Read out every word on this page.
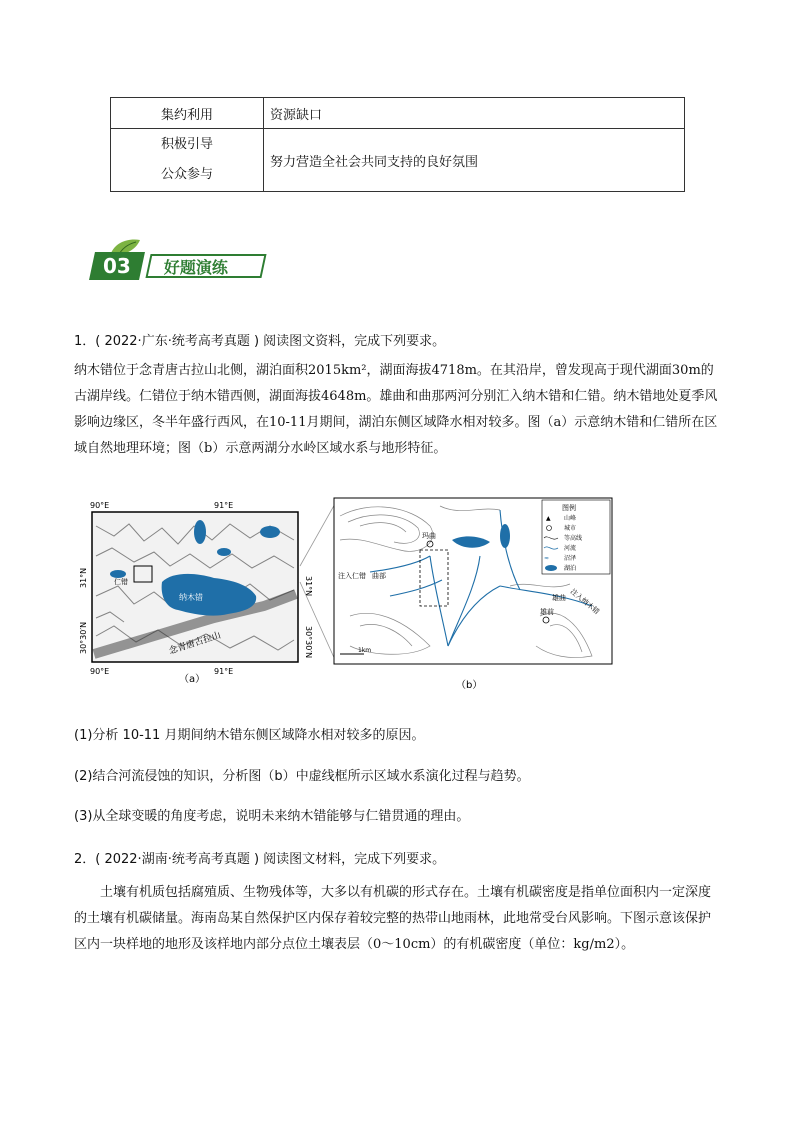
集约利用	资源缺口

积极引导
公众参与	努力营造全社会共同支持的良好氛围
03 好题演练
1．( 2022·广东·统考高考真题 ) 阅读图文资料，完成下列要求。
纳木错位于念青唐古拉山北侧，湖泊面积2015km²，湖面海拔4718m。在其沿岸，曾发现高于现代湖面30m的古湖岸线。仁错位于纳木错西侧，湖面海拔4648m。雄曲和曲那两河分别汇入纳木错和仁错。纳木错地处夏季风影响边缘区，冬半年盛行西风，在10-11月期间，湖泊东侧区域降水相对较多。图（a）示意纳木错和仁错所在区域自然地理环境；图（b）示意两湖分水岭区域水系与地形特征。
纳木错
仁错
念青唐古拉山
90°E	91°E
90°E	91°E
31°N
30°30′N
31°N
30°30′N
（a）
玛曲
雄前
注入仁错 曲部
雄曲 注入纳木错
1km
图例
▲ 山峰
城市
等高线
河流
≈ 沼泽
湖泊
（b）
(1)分析 10-11 月期间纳木错东侧区域降水相对较多的原因。
(2)结合河流侵蚀的知识，分析图（b）中虚线框所示区域水系演化过程与趋势。
(3)从全球变暖的角度考虑，说明未来纳木错能够与仁错贯通的理由。
2．( 2022·湖南·统考高考真题 ) 阅读图文材料，完成下列要求。
土壤有机质包括腐殖质、生物残体等，大多以有机碳的形式存在。土壤有机碳密度是指单位面积内一定深度的土壤有机碳储量。海南岛某自然保护区内保存着较完整的热带山地雨林，此地常受台风影响。下图示意该保护区内一块样地的地形及该样地内部分点位土壤表层（0～10cm）的有机碳密度（单位：kg/m2）。
